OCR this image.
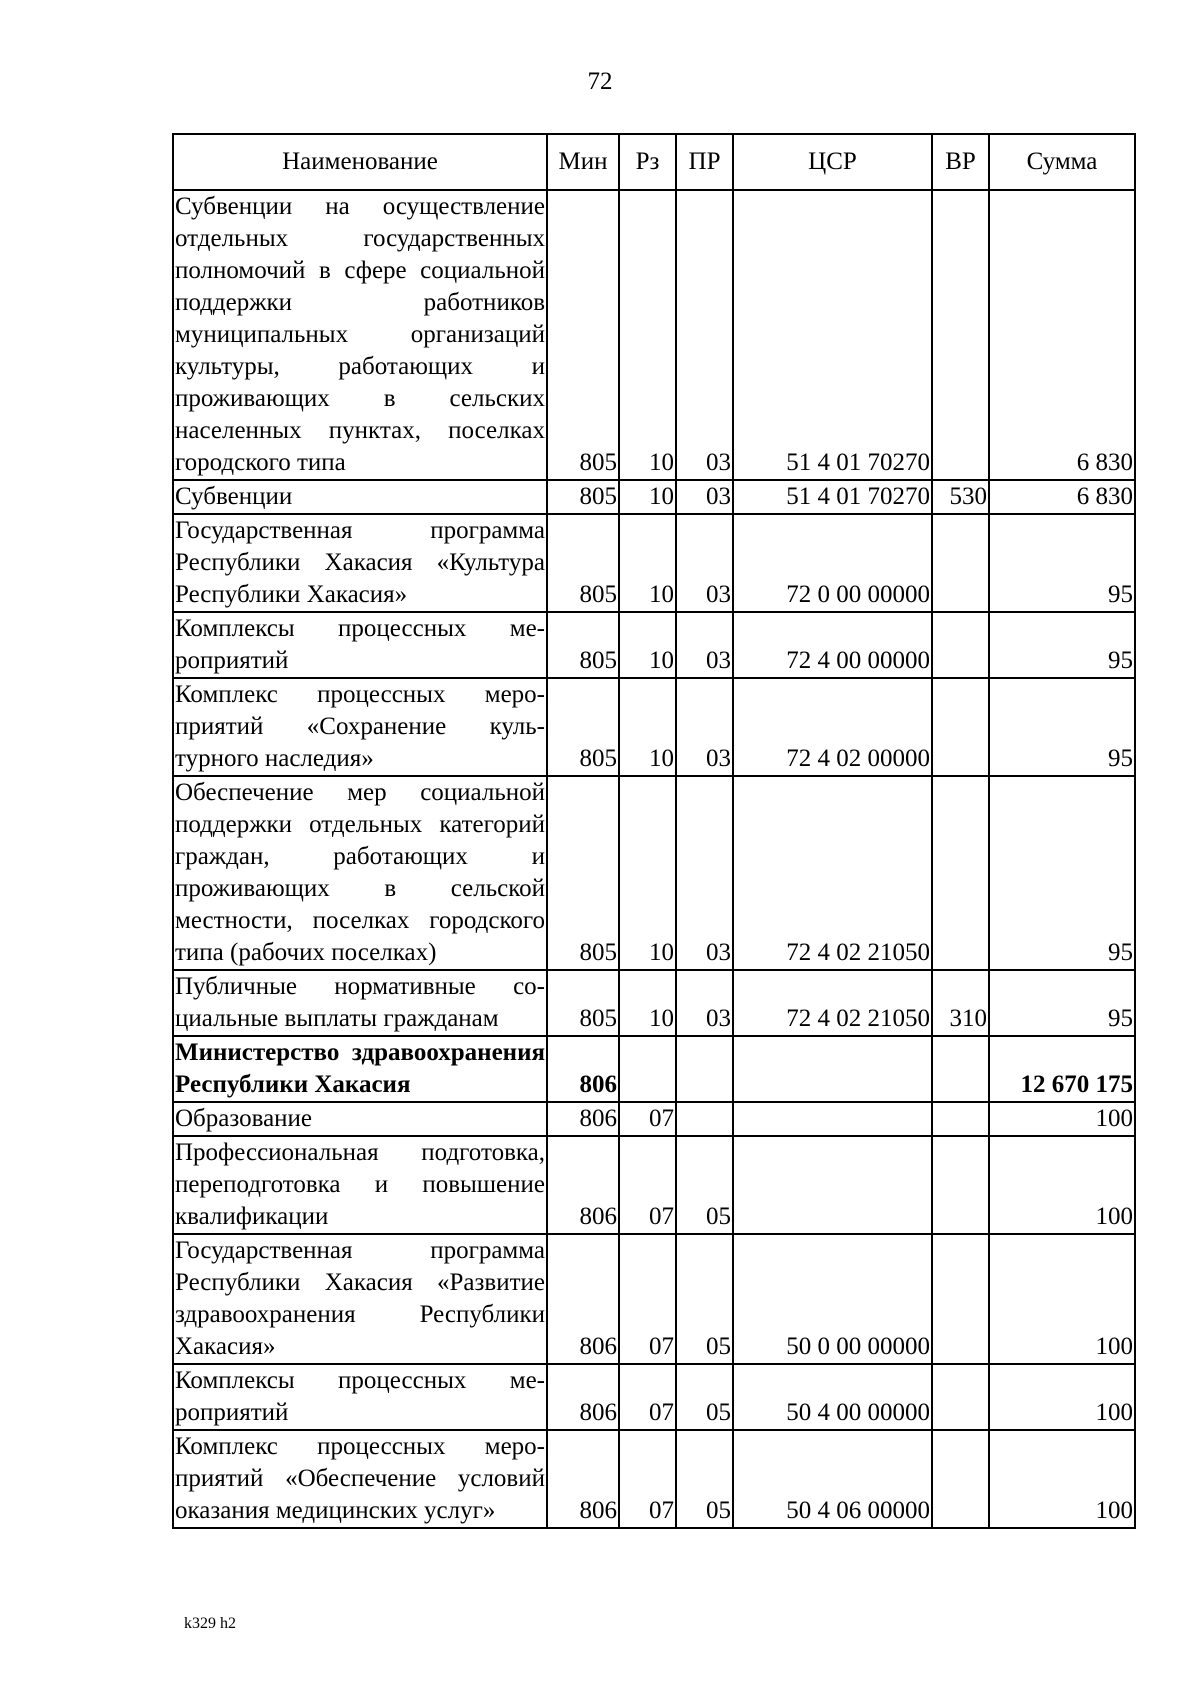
72
Наименование	Мин	Рз	ПР	ЦСР	ВР	Сумма
Субвенции на осуществление отдельных государственных полномочий в сфере социальной поддержки работников муниципальных организаций культуры, работающих и проживающих в сельских населенных пунктах, поселках городского типа	805	10	03	51 4 01 70270		6 830
Субвенции	805	10	03	51 4 01 70270	530	6 830
Государственная программа Республики Хакасия «Культура Республики Хакасия»	805	10	03	72 0 00 00000		95
Комплексы процессных мероприятий	805	10	03	72 4 00 00000		95
Комплекс процессных мероприятий «Сохранение культурного наследия»	805	10	03	72 4 02 00000		95
Обеспечение мер социальной поддержки отдельных категорий граждан, работающих и проживающих в сельской местности, поселках городского типа (рабочих поселках)	805	10	03	72 4 02 21050		95
Публичные нормативные социальные выплаты гражданам	805	10	03	72 4 02 21050	310	95
Министерство здравоохранения Республики Хакасия	806					12 670 175
Образование	806	07				100
Профессиональная подготовка, переподготовка и повышение квалификации	806	07	05			100
Государственная программа Республики Хакасия «Развитие здравоохранения Республики Хакасия»	806	07	05	50 0 00 00000		100
Комплексы процессных мероприятий	806	07	05	50 4 00 00000		100
Комплекс процессных мероприятий «Обеспечение условий оказания медицинских услуг»	806	07	05	50 4 06 00000		100
k329 h2
